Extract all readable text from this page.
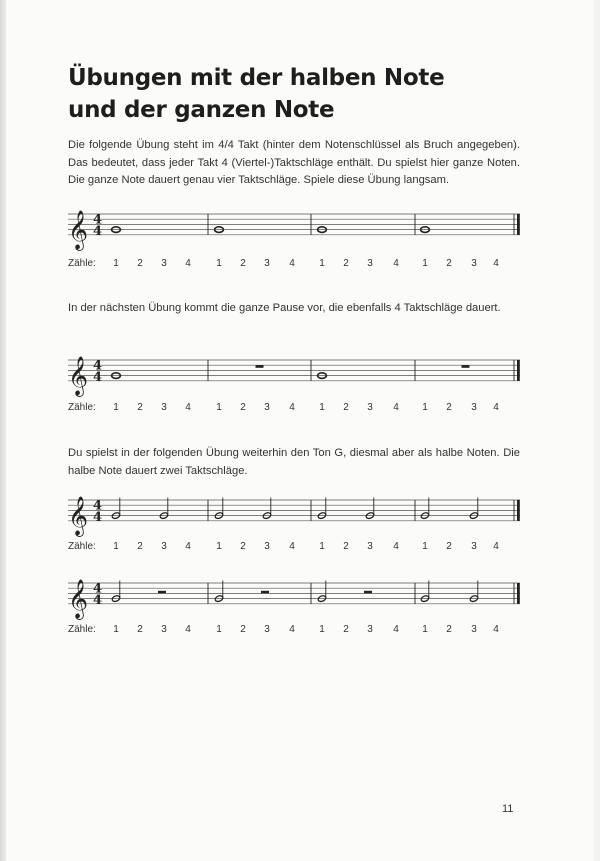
Übungen mit der halben Note
und der ganzen Note

Die folgende Übung steht im 4/4 Takt (hinter dem Notenschlüssel als Bruch angegeben). Das bedeutet, dass jeder Takt 4 (Viertel-)Taktschläge enthält. Du spielst hier ganze Noten. Die ganze Note dauert genau vier Taktschläge. Spiele diese Übung langsam.

In der nächsten Übung kommt die ganze Pause vor, die ebenfalls 4 Taktschläge dauert.

Du spielst in der folgenden Übung weiterhin den Ton G, diesmal aber als halbe Noten. Die halbe Note dauert zwei Taktschläge.

𝄞 4
4
𝄞 4
4
𝄞 4
4
𝄞 4
4
Zähle: 1 2 3 4	1 2 3 4 1 2 3 4 1 2 3 4
Zähle: 1 2 3 4	1 2 3 4 1 2 3 4 1 2 3 4
Zähle: 1 2 3 4	1 2 3 4 1 2 3 4 1 2 3 4
Zähle: 1 2 3 4	1 2 3 4 1 2 3 4 1 2 3 4
11
